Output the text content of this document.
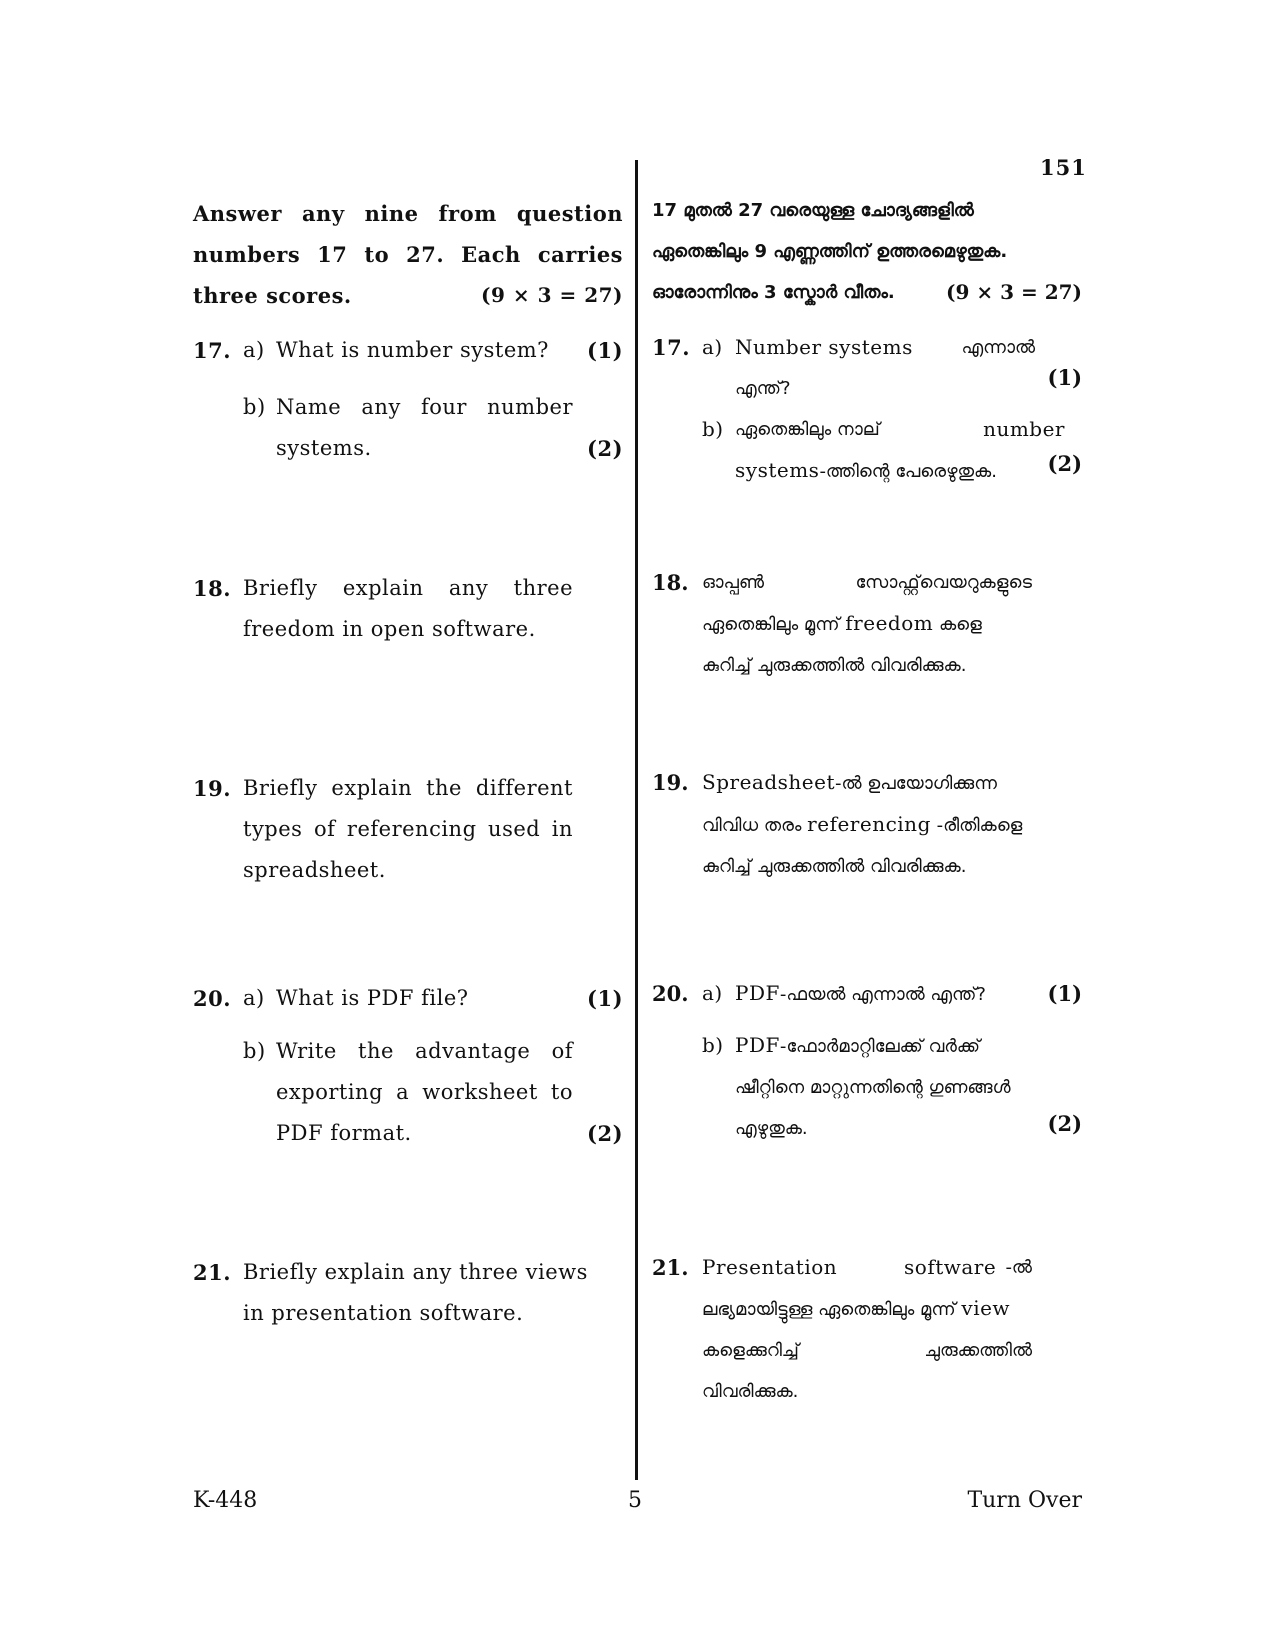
151
Answer any nine from question
numbers 17 to 27. Each carries
three scores.	(9 × 3 = 27)
17 മുതൽ 27 വരെയുള്ള ചോദ്യങ്ങളിൽ
ഏതെങ്കിലും 9 എണ്ണത്തിന് ഉത്തരമെഴുതുക.
ഓരോന്നിനും 3 സ്കോർ വീതം.	(9 × 3 = 27)
17. a) What is number system?
b) Name any four number
systems.
(1)
(2)
17. a) Number systems	എന്നാൽ
എന്ത്?
b) ഏതെങ്കിലും നാല്	number
systems-ത്തിന്റെ പേരെഴുതുക.
(1)
(2)
18. Briefly explain any three
freedom in open software.
18. ഓപ്പൺ സോഫ്റ്റ്‌വെയറുകളുടെ
ഏതെങ്കിലും മൂന്ന് freedom കളെ
കുറിച്ച് ചുരുക്കത്തിൽ വിവരിക്കുക.
19. Briefly explain the different
types of referencing used in
spreadsheet.
19. Spreadsheet-ൽ ഉപയോഗിക്കുന്ന
വിവിധ തരം referencing -രീതികളെ
കുറിച്ച് ചുരുക്കത്തിൽ വിവരിക്കുക.
20. a) What is PDF file?
b) Write the advantage of
exporting a worksheet to
PDF format.
(1)
(2)
20. a) PDF-ഫയൽ എന്നാൽ എന്ത്?
b) PDF-ഫോർമാറ്റിലേക്ക് വർക്ക്
ഷീറ്റിനെ മാറ്റുന്നതിന്റെ ഗുണങ്ങൾ
എഴുതുക.
(1)
(2)
21. Briefly explain any three views
in presentation software.
21. Presentation software -ൽ
ലഭ്യമായിട്ടുള്ള ഏതെങ്കിലും മൂന്ന് view
കളെക്കുറിച്ച് ചുരുക്കത്തിൽ
വിവരിക്കുക.
K-448	5	Turn Over
